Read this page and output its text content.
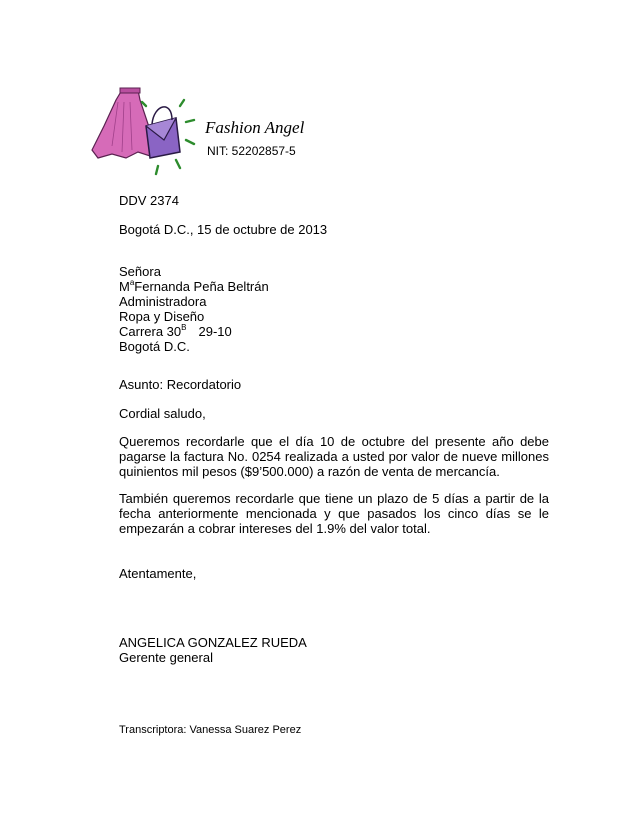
Fashion Angel
NIT: 52202857-5
DDV 2374
Bogotá D.C., 15 de octubre de 2013
Señora
$M^aFernanda$ Peña Beltrán
Administradora
Ropa y Diseño
Carrera $30^B$ 29-10
Bogotá D.C.
Asunto: Recordatorio
Cordial saludo,
Queremos recordarle que el día 10 de octubre del presente año debe pagarse la factura No. 0254 realizada a usted por valor de nueve millones quinientos mil pesos ($9’500.000) a razón de venta de mercancía.
También queremos recordarle que tiene un plazo de 5 días a partir de la fecha anteriormente mencionada y que pasados los cinco días se le empezarán a cobrar intereses del 1.9% del valor total.
Atentamente,
ANGELICA GONZALEZ RUEDA
Gerente general
Transcriptora: Vanessa Suarez Perez
